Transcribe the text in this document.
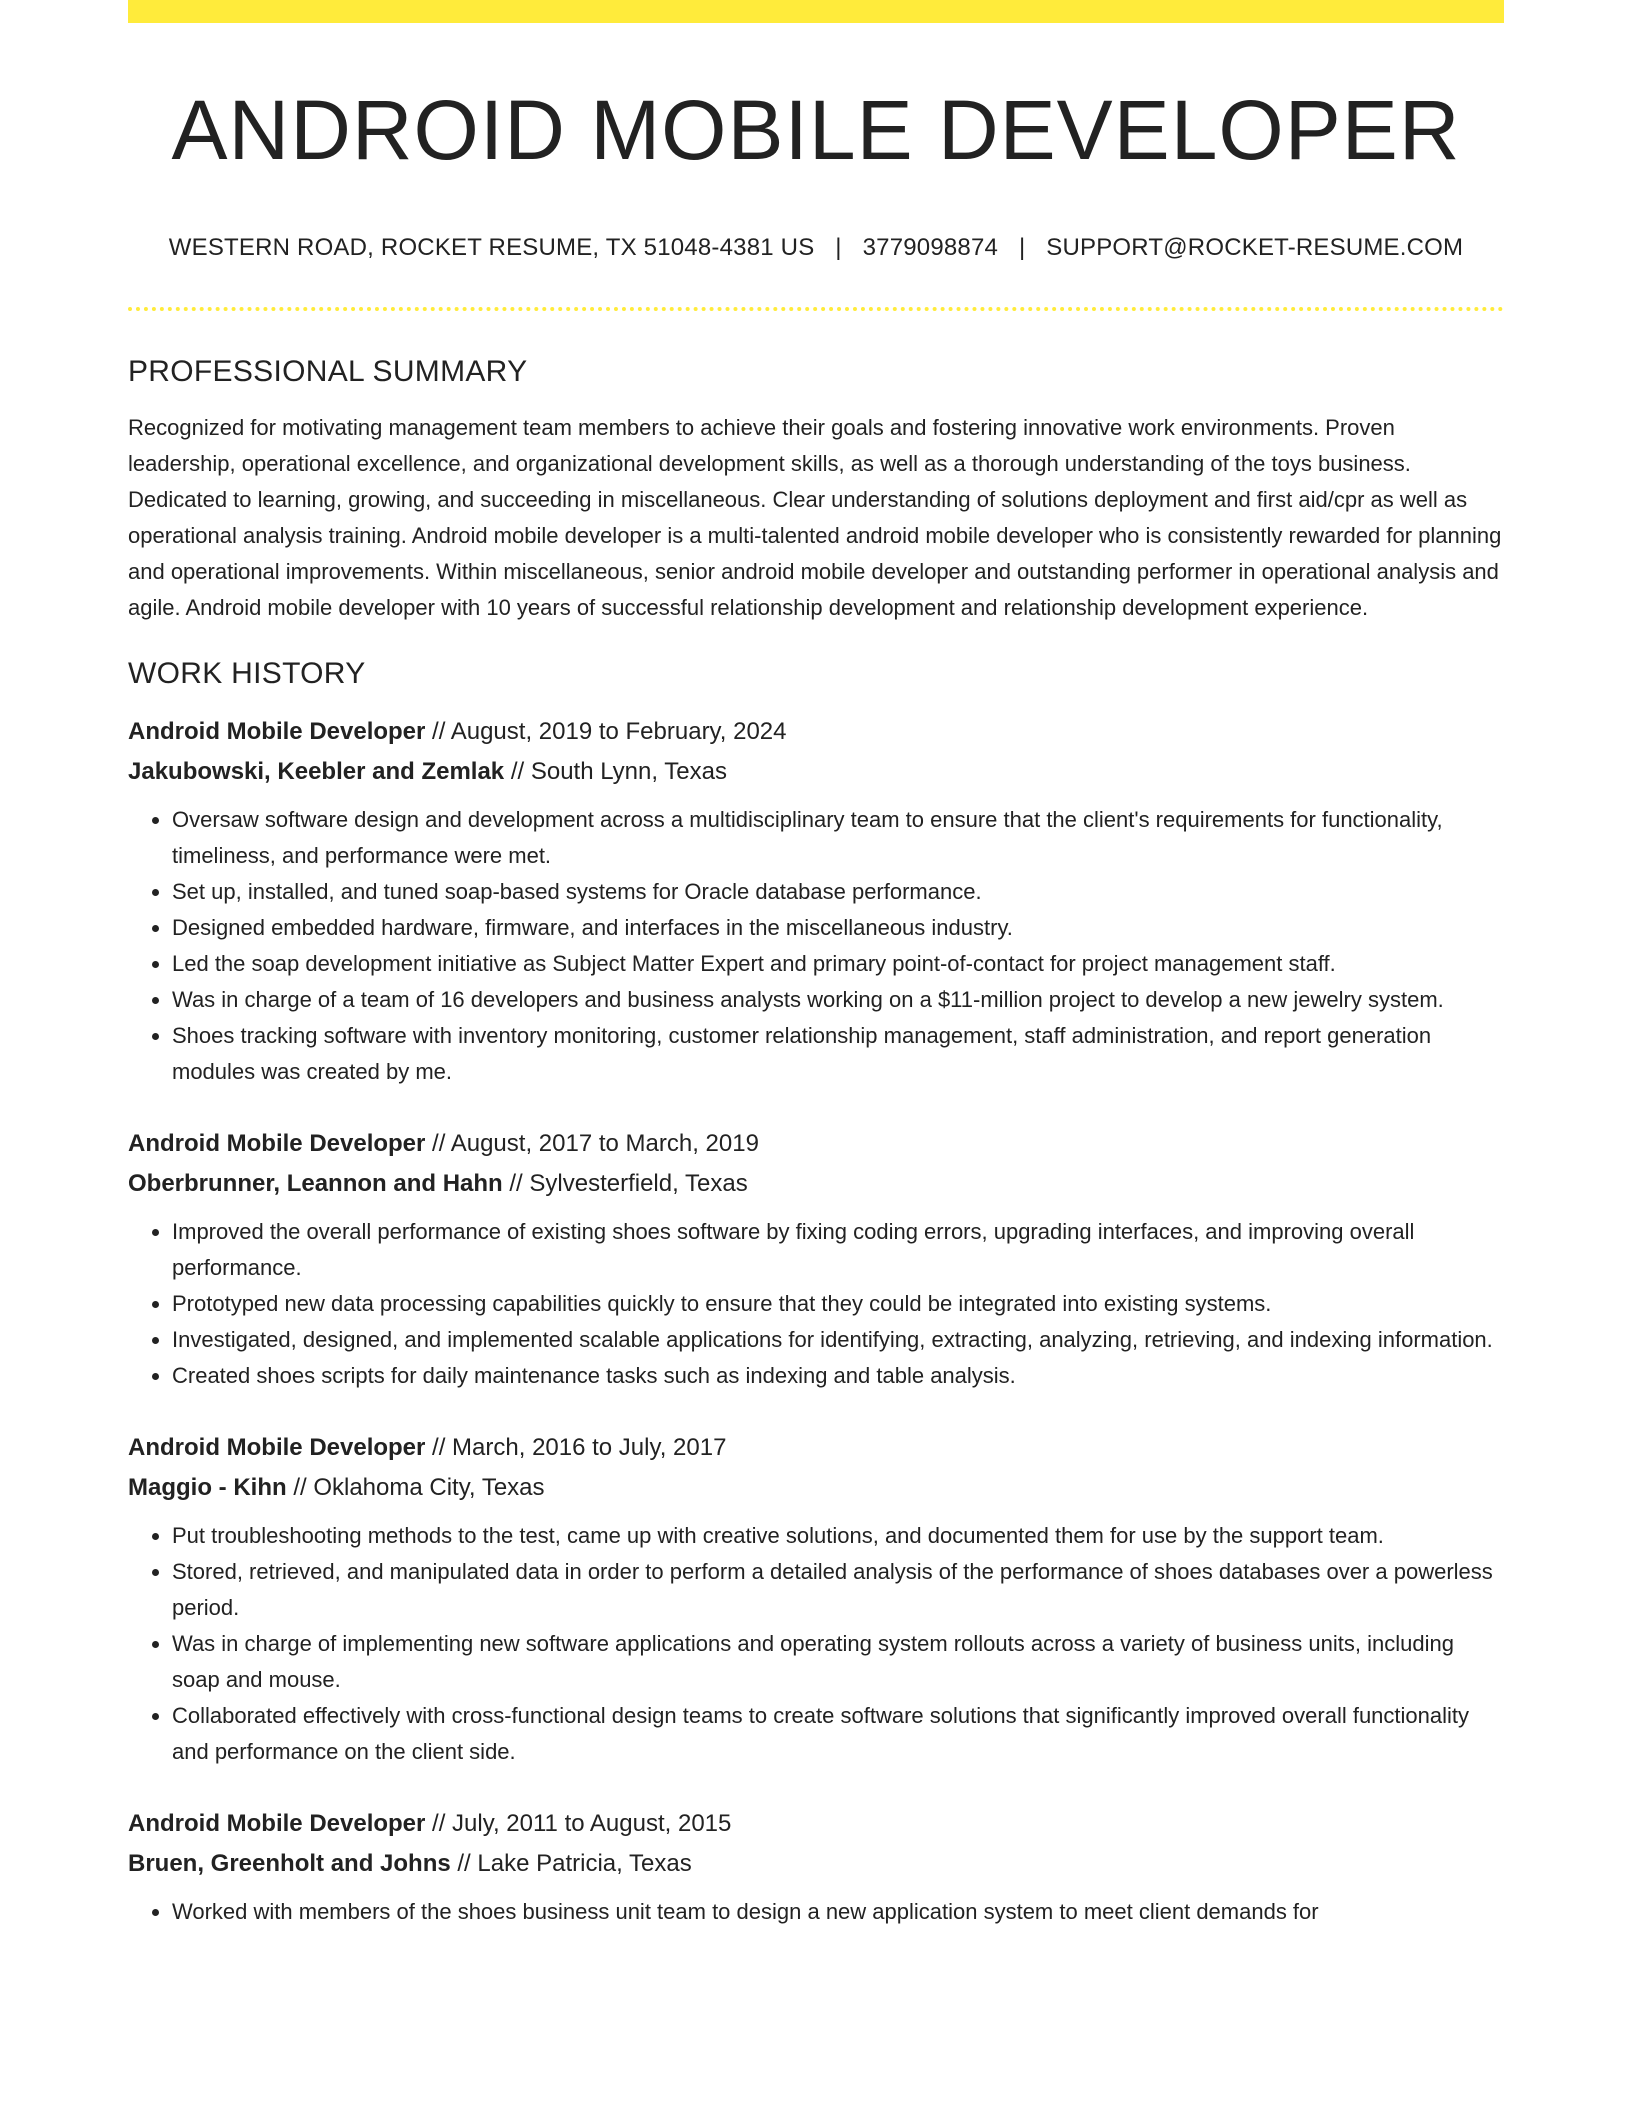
ANDROID MOBILE DEVELOPER
WESTERN ROAD, ROCKET RESUME, TX 51048-4381 US | 3779098874 | SUPPORT@ROCKET-RESUME.COM
PROFESSIONAL SUMMARY

Recognized for motivating management team members to achieve their goals and fostering innovative work environments. Proven leadership, operational excellence, and organizational development skills, as well as a thorough understanding of the toys business. Dedicated to learning, growing, and succeeding in miscellaneous. Clear understanding of solutions deployment and first aid/cpr as well as operational analysis training. Android mobile developer is a multi-talented android mobile developer who is consistently rewarded for planning and operational improvements. Within miscellaneous, senior android mobile developer and outstanding performer in operational analysis and agile. Android mobile developer with 10 years of successful relationship development and relationship development experience.

WORK HISTORY
Android Mobile Developer // August, 2019 to February, 2024
Jakubowski, Keebler and Zemlak // South Lynn, Texas
• Oversaw software design and development across a multidisciplinary team to ensure that the client's requirements for functionality, timeliness, and performance were met.
• Set up, installed, and tuned soap-based systems for Oracle database performance.
• Designed embedded hardware, firmware, and interfaces in the miscellaneous industry.
• Led the soap development initiative as Subject Matter Expert and primary point-of-contact for project management staff.
• Was in charge of a team of 16 developers and business analysts working on a $11-million project to develop a new jewelry system.
• Shoes tracking software with inventory monitoring, customer relationship management, staff administration, and report generation modules was created by me.
Android Mobile Developer // August, 2017 to March, 2019
Oberbrunner, Leannon and Hahn // Sylvesterfield, Texas
• Improved the overall performance of existing shoes software by fixing coding errors, upgrading interfaces, and improving overall performance.
• Prototyped new data processing capabilities quickly to ensure that they could be integrated into existing systems.
• Investigated, designed, and implemented scalable applications for identifying, extracting, analyzing, retrieving, and indexing information.
• Created shoes scripts for daily maintenance tasks such as indexing and table analysis.
Android Mobile Developer // March, 2016 to July, 2017
Maggio - Kihn // Oklahoma City, Texas
• Put troubleshooting methods to the test, came up with creative solutions, and documented them for use by the support team.
• Stored, retrieved, and manipulated data in order to perform a detailed analysis of the performance of shoes databases over a powerless period.
• Was in charge of implementing new software applications and operating system rollouts across a variety of business units, including soap and mouse.
• Collaborated effectively with cross-functional design teams to create software solutions that significantly improved overall functionality and performance on the client side.
Android Mobile Developer // July, 2011 to August, 2015
Bruen, Greenholt and Johns // Lake Patricia, Texas
• Worked with members of the shoes business unit team to design a new application system to meet client demands for
